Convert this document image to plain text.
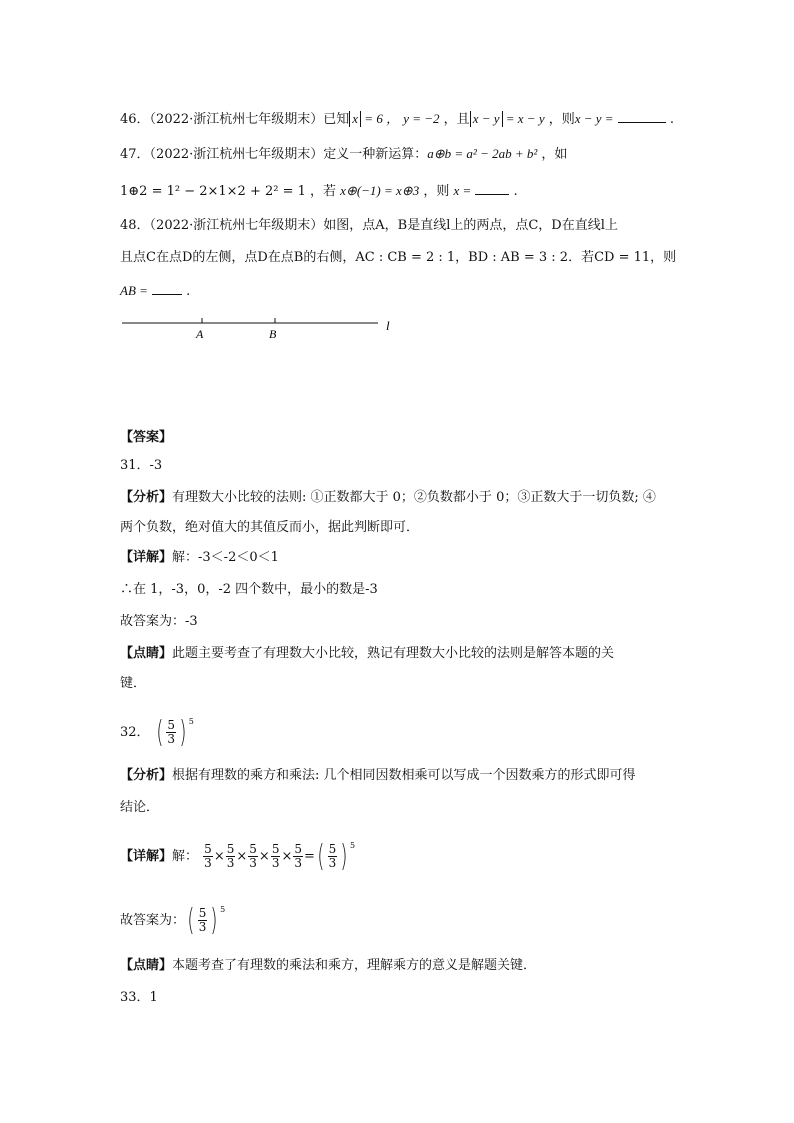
46．（2022·浙江杭州七年级期末）已知 x = 6 ， y = −2 ，且 x − y = x − y ，则x − y =	.
47．（2022·浙江杭州七年级期末）定义一种新运算：a⊕b = a² − 2ab + b² ，如
1⊕2 = 1² − 2×1×2 + 2² = 1 ，若 x⊕(−1) = x⊕3 ，则 x =	.
48．（2022·浙江杭州七年级期末）如图，点A，B是直线l上的两点，点C，D在直线l上
且点C在点D的左侧，点D在点B的右侧，AC : CB = 2 : 1，BD : AB = 3 : 2．若CD = 11，则
AB =	.
A	B
l
【答案】
31．-3
【分析】有理数大小比较的法则: ①正数都大于 0；②负数都小于 0；③正数大于一切负数; ④
两个负数，绝对值大的其值反而小，据此判断即可．
【详解】解：-3＜-2＜0＜1
∴在 1，-3，0，-2 四个数中，最小的数是-3
故答案为：-3
【点睛】此题主要考查了有理数大小比较，熟记有理数大小比较的法则是解答本题的关
键．
32． ( $\frac{5}{3}$ ) $^5$
【分析】根据有理数的乘方和乘法: 几个相同因数相乘可以写成一个因数乘方的形式即可得
结论．
【详解】解： $\frac{5}{3} \times \frac{5}{3} \times \frac{5}{3} \times \frac{5}{3} \times \frac{5}{3}$ = ( $\frac{5}{3}$ ) $^5$
故答案为： ( $\frac{5}{3}$ ) $^5$
【点睛】本题考查了有理数的乘法和乘方，理解乘方的意义是解题关键．
33．1
